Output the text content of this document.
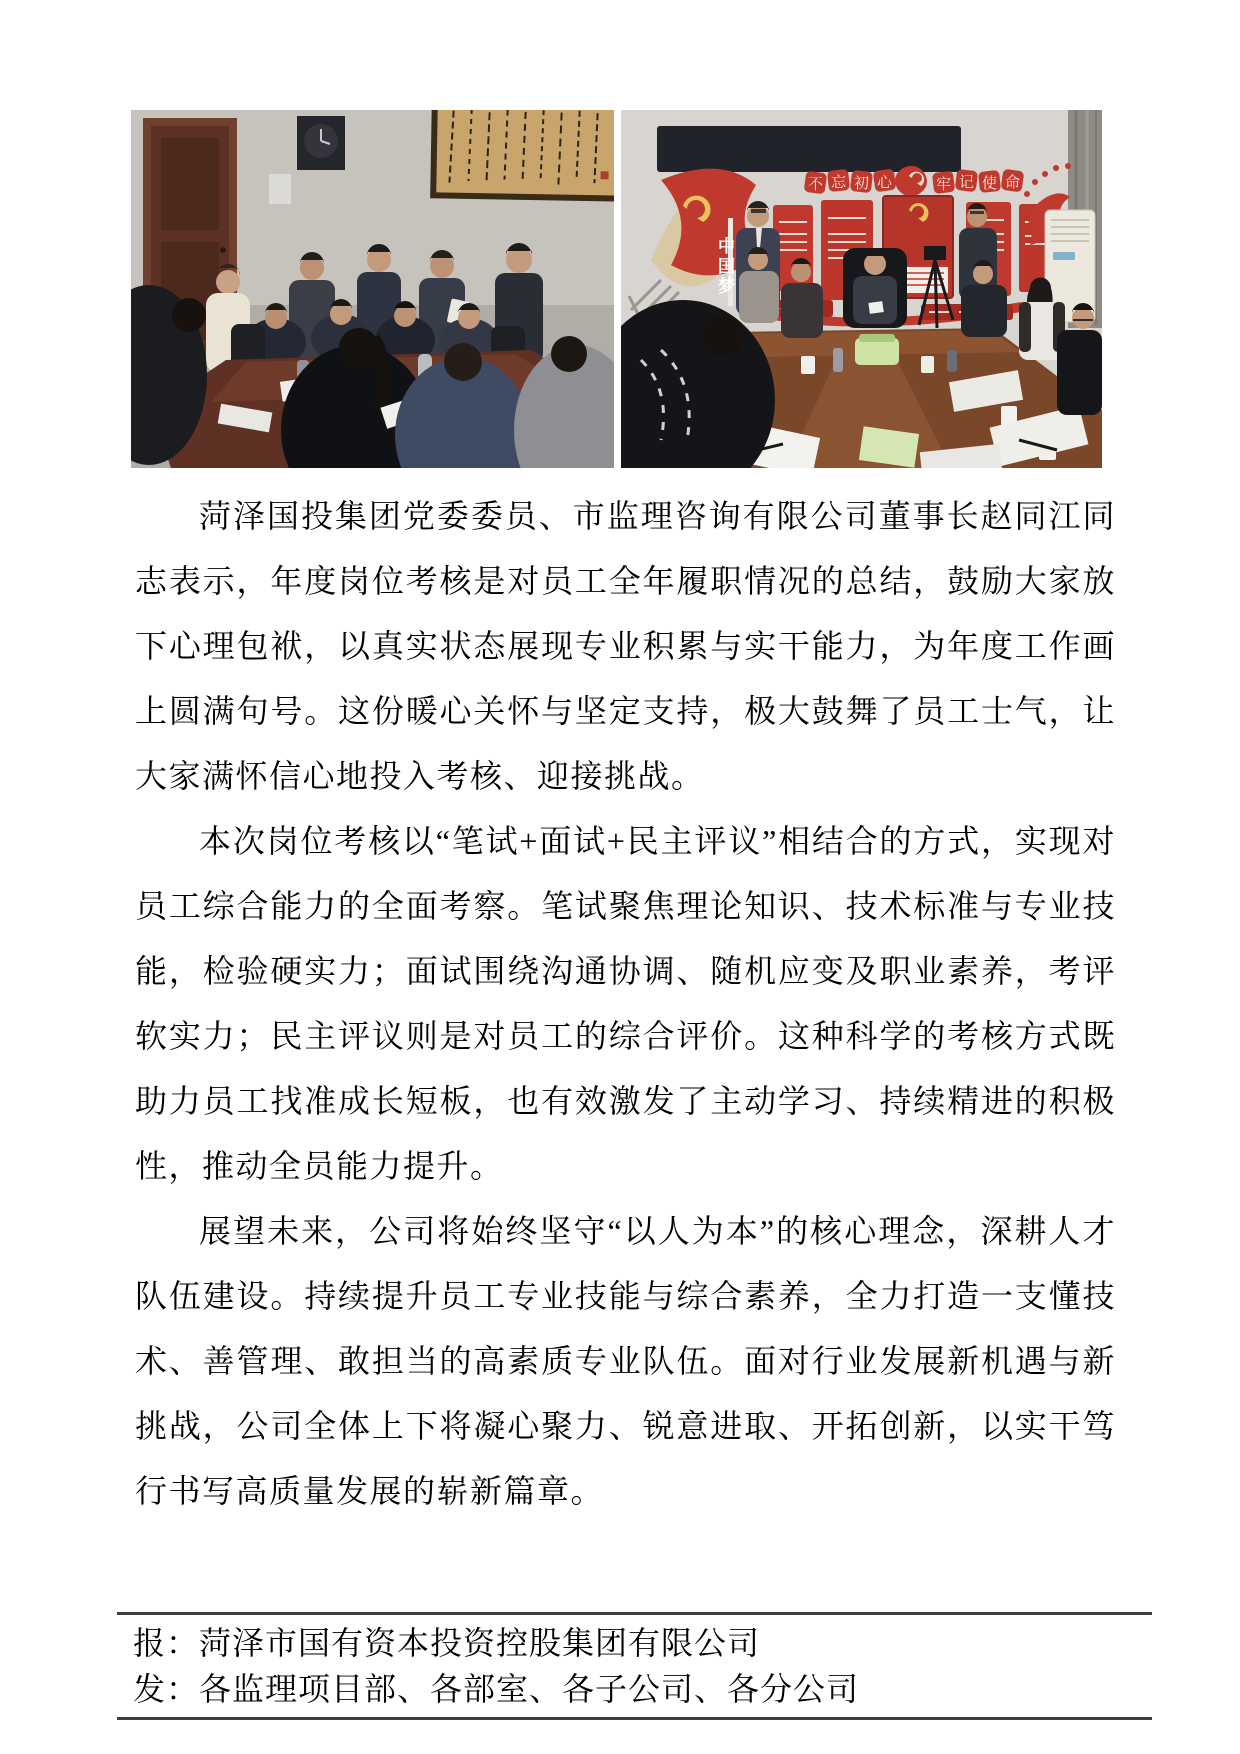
中
国
梦
不 忘 初 心	牢 记 使 命

菏泽国投集团党委委员、市监理咨询有限公司董事长赵同江同志表示，年度岗位考核是对员工全年履职情况的总结，鼓励大家放下心理包袱，以真实状态展现专业积累与实干能力，为年度工作画上圆满句号。这份暖心关怀与坚定支持，极大鼓舞了员工士气，让大家满怀信心地投入考核、迎接挑战。

本次岗位考核以“笔试+面试+民主评议”相结合的方式，实现对员工综合能力的全面考察。笔试聚焦理论知识、技术标准与专业技能，检验硬实力；面试围绕沟通协调、随机应变及职业素养，考评软实力；民主评议则是对员工的综合评价。这种科学的考核方式既助力员工找准成长短板，也有效激发了主动学习、持续精进的积极性，推动全员能力提升。

展望未来，公司将始终坚守“以人为本”的核心理念，深耕人才队伍建设。持续提升员工专业技能与综合素养，全力打造一支懂技术、善管理、敢担当的高素质专业队伍。面对行业发展新机遇与新挑战，公司全体上下将凝心聚力、锐意进取、开拓创新，以实干笃行书写高质量发展的崭新篇章。

报：菏泽市国有资本投资控股集团有限公司
发：各监理项目部、各部室、各子公司、各分公司
